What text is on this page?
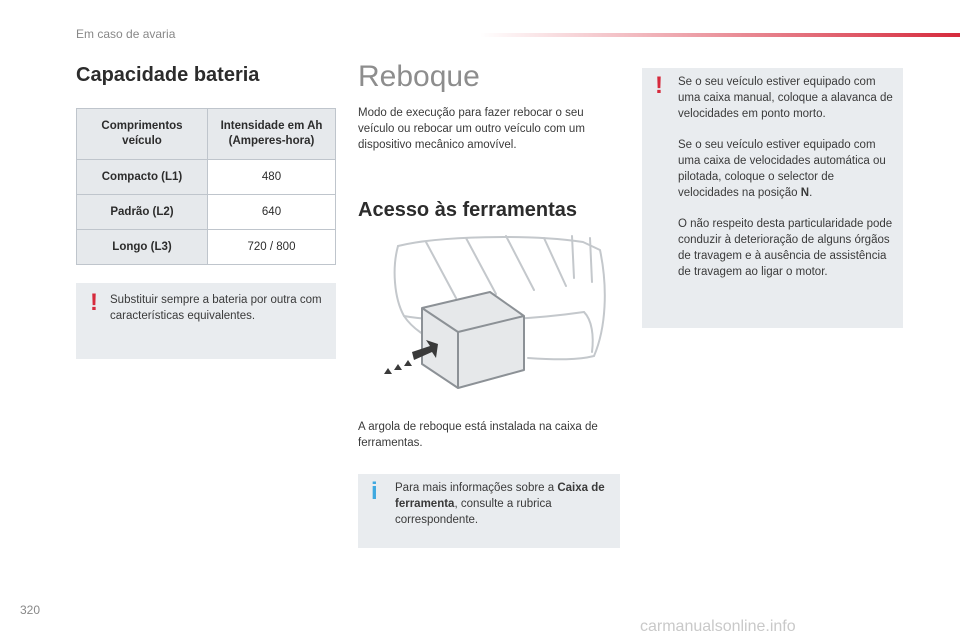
Em caso de avaria
Capacidade bateria
Comprimentos veículo	Intensidade em Ah (Amperes-hora)
Compacto (L1)	480
Padrão (L2)	640
Longo (L3)	720 / 800
! Substituir sempre a bateria por outra com características equivalentes.

Reboque

Modo de execução para fazer rebocar o seu veículo ou rebocar um outro veículo com um dispositivo mecânico amovível.

Acesso às ferramentas

A argola de reboque está instalada na caixa de ferramentas.

i Para mais informações sobre a Caixa de ferramenta, consulte a rubrica correspondente.

! Se o seu veículo estiver equipado com uma caixa manual, coloque a alavanca de velocidades em ponto morto.

Se o seu veículo estiver equipado com uma caixa de velocidades automática ou pilotada, coloque o selector de velocidades na posição N.

O não respeito desta particularidade pode conduzir à deterioração de alguns órgãos de travagem e à ausência de assistência de travagem ao ligar o motor.

320
carmanualsonline.info
